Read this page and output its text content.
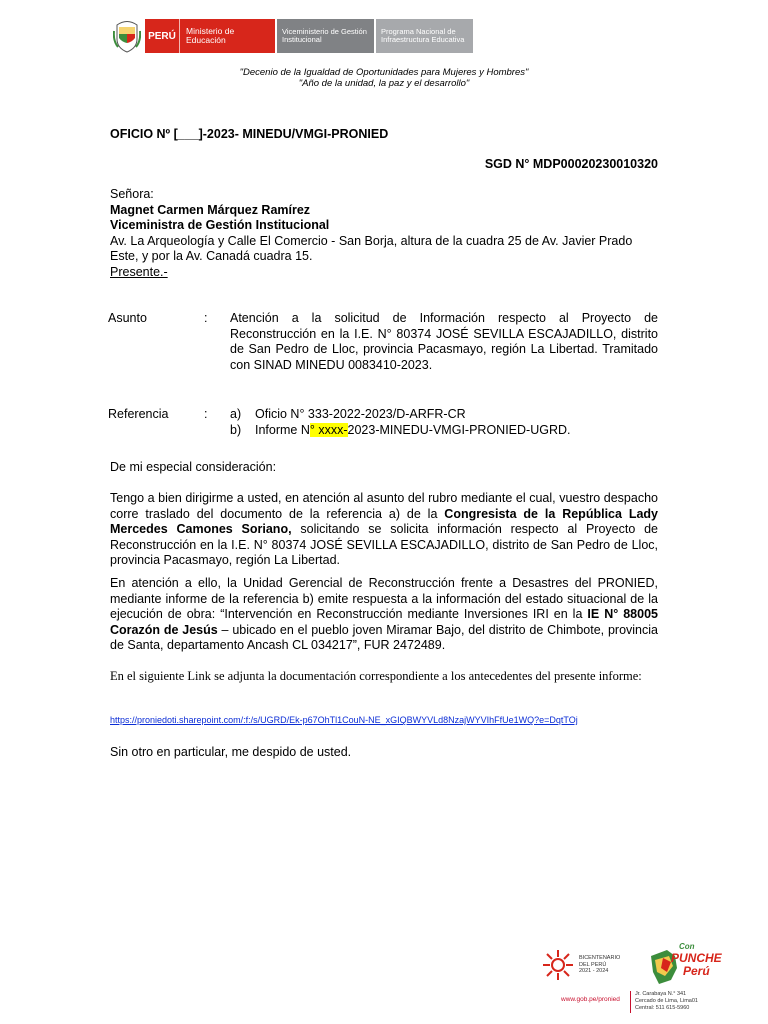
PERÚ	Ministerio de Educación
Viceministerio de Gestión Institucional
Programa Nacional de Infraestructura Educativa
"Decenio de la Igualdad de Oportunidades para Mujeres y Hombres"
"Año de la unidad, la paz y el desarrollo"
OFICIO Nº [___]-2023- MINEDU/VMGI-PRONIED
SGD N° MDP00020230010320
Señora:
Magnet Carmen Márquez Ramírez
Viceministra de Gestión Institucional
Av. La Arqueología y Calle El Comercio - San Borja, altura de la cuadra 25 de Av. Javier Prado Este, y por la Av. Canadá cuadra 15.
Presente.-
Asunto	: Atención a la solicitud de Información respecto al Proyecto de Reconstrucción en la I.E. N° 80374 JOSÉ SEVILLA ESCAJADILLO, distrito de San Pedro de Lloc, provincia Pacasmayo, región La Libertad. Tramitado con SINAD MINEDU 0083410-2023.
Referencia	: a)	Oficio N° 333-2022-2023/D-ARFR-CR
b)	Informe N° xxxx-2023-MINEDU-VMGI-PRONIED-UGRD.
De mi especial consideración:
Tengo a bien dirigirme a usted, en atención al asunto del rubro mediante el cual, vuestro despacho corre traslado del documento de la referencia a) de la Congresista de la República Lady Mercedes Camones Soriano, solicitando se solicita información respecto al Proyecto de Reconstrucción en la I.E. N° 80374 JOSÉ SEVILLA ESCAJADILLO, distrito de San Pedro de Lloc, provincia Pacasmayo, región La Libertad.
En atención a ello, la Unidad Gerencial de Reconstrucción frente a Desastres del PRONIED, mediante informe de la referencia b) emite respuesta a la información del estado situacional de la ejecución de obra: “Intervención en Reconstrucción mediante Inversiones IRI en la IE N° 88005 Corazón de Jesús – ubicado en el pueblo joven Miramar Bajo, del distrito de Chimbote, provincia de Santa, departamento Ancash CL 034217”, FUR 2472489.
En el siguiente Link se adjunta la documentación correspondiente a los antecedentes del presente informe:
https://proniedoti.sharepoint.com/:f:/s/UGRD/Ek-p67OhTl1CouN-NE_xGIQBWYVLd8NzajWYVIhFfUe1WQ?e=DqtTOj
Sin otro en particular, me despido de usted.
BICENTENARIO
DEL PERÚ
2021 - 2024
Con
PUNCHE
Perú
www.gob.pe/pronied
Jr. Carabaya N.° 341
Cercado de Lima, Lima01
Central: 511 615-5960
